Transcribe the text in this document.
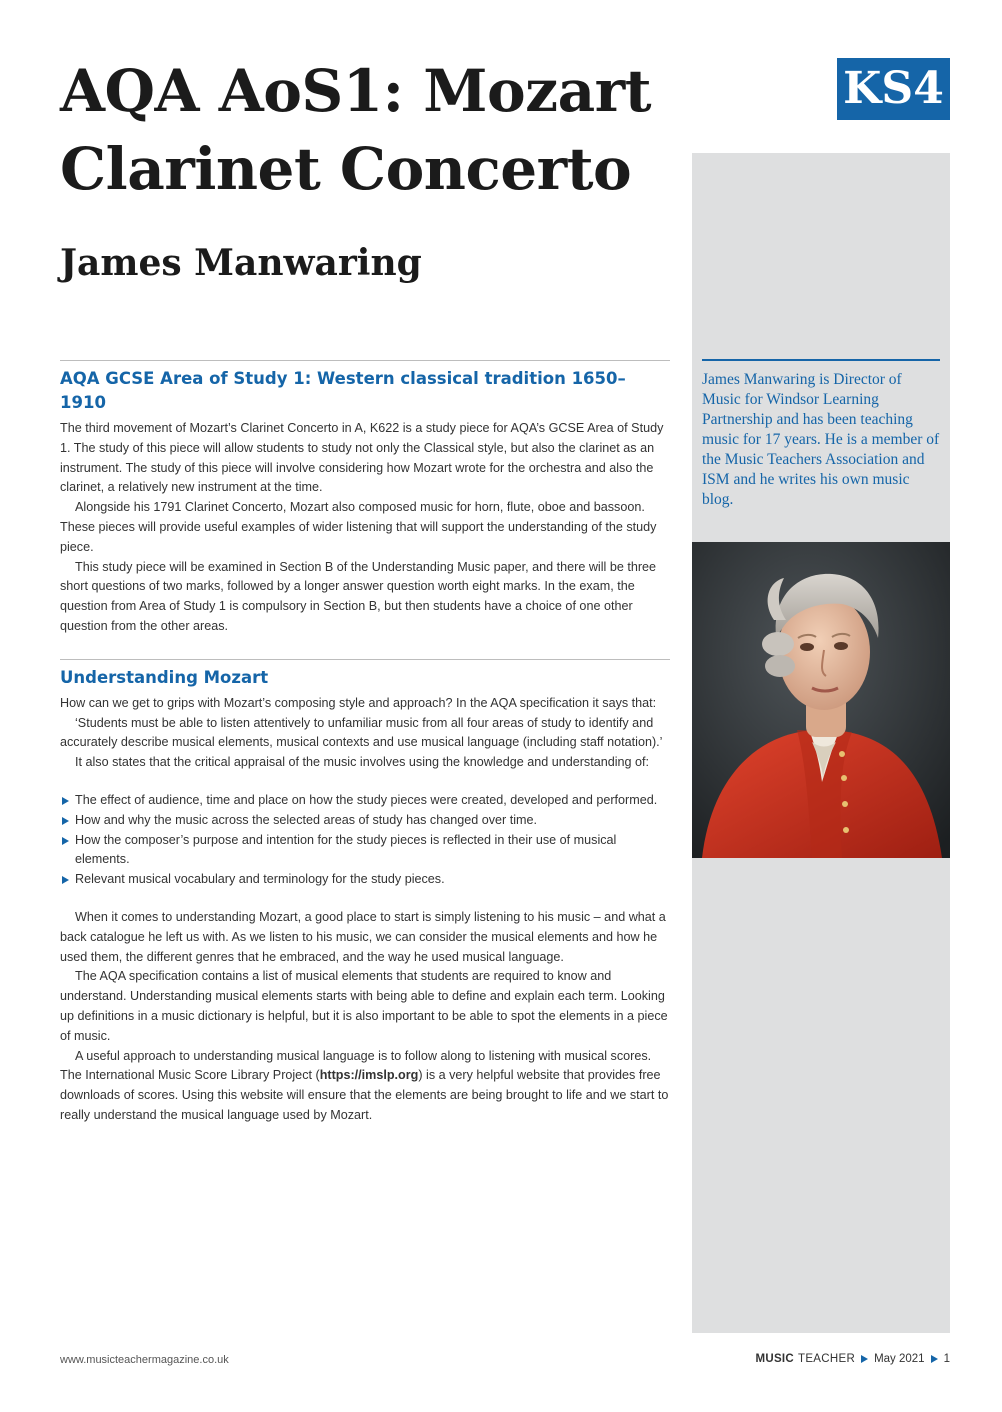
AQA AoS1: Mozart Clarinet Concerto
James Manwaring
KS4

James Manwaring is Director of Music for Windsor Learning Partnership and has been teaching music for 17 years. He is a member of the Music Teachers Association and ISM and he writes his own music blog.

AQA GCSE Area of Study 1: Western classical tradition 1650–1910

The third movement of Mozart’s Clarinet Concerto in A, K622 is a study piece for AQA’s GCSE Area of Study 1. The study of this piece will allow students to study not only the Classical style, but also the clarinet as an instrument. The study of this piece will involve considering how Mozart wrote for the orchestra and also the clarinet, a relatively new instrument at the time.

Alongside his 1791 Clarinet Concerto, Mozart also composed music for horn, flute, oboe and bassoon. These pieces will provide useful examples of wider listening that will support the understanding of the study piece.

This study piece will be examined in Section B of the Understanding Music paper, and there will be three short questions of two marks, followed by a longer answer question worth eight marks. In the exam, the question from Area of Study 1 is compulsory in Section B, but then students have a choice of one other question from the other areas.

Understanding Mozart

How can we get to grips with Mozart’s composing style and approach? In the AQA specification it says that:

‘Students must be able to listen attentively to unfamiliar music from all four areas of study to identify and accurately describe musical elements, musical contexts and use musical language (including staff notation).’

It also states that the critical appraisal of the music involves using the knowledge and understanding of:

The effect of audience, time and place on how the study pieces were created, developed and performed.
How and why the music across the selected areas of study has changed over time.
How the composer’s purpose and intention for the study pieces is reflected in their use of musical elements.
Relevant musical vocabulary and terminology for the study pieces.

When it comes to understanding Mozart, a good place to start is simply listening to his music – and what a back catalogue he left us with. As we listen to his music, we can consider the musical elements and how he used them, the different genres that he embraced, and the way he used musical language.

The AQA specification contains a list of musical elements that students are required to know and understand. Understanding musical elements starts with being able to define and explain each term. Looking up definitions in a music dictionary is helpful, but it is also important to be able to spot the elements in a piece of music.

A useful approach to understanding musical language is to follow along to listening with musical scores. The International Music Score Library Project (https://imslp.org) is a very helpful website that provides free downloads of scores. Using this website will ensure that the elements are being brought to life and we start to really understand the musical language used by Mozart.

www.musicteachermagazine.co.uk	MUSIC TEACHER May 2021 1
